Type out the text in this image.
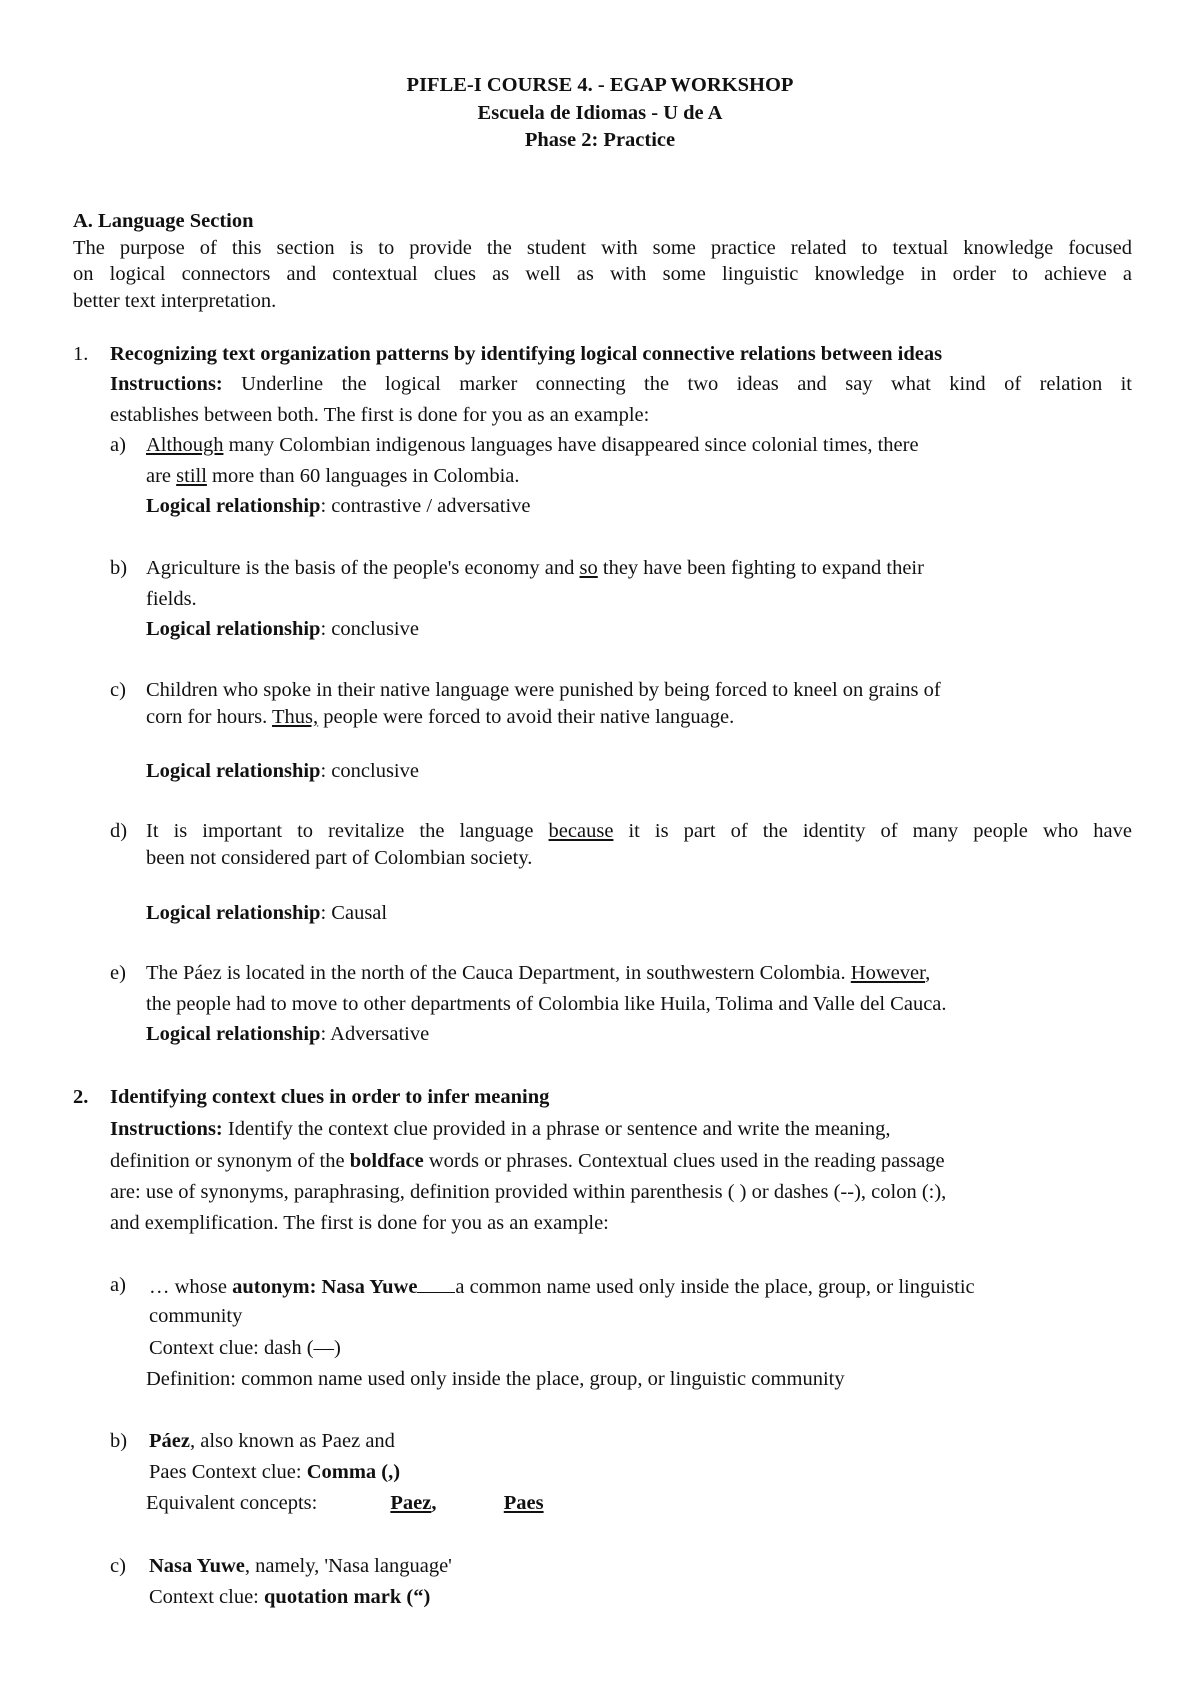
PIFLE-I COURSE 4. - EGAP WORKSHOP
Escuela de Idiomas - U de A
Phase 2: Practice
A. Language Section
The purpose of this section is to provide the student with some practice related to textual knowledge focused
on logical connectors and contextual clues as well as with some linguistic knowledge in order to achieve a
better text interpretation.
1. Recognizing text organization patterns by identifying logical connective relations between ideas
Instructions: Underline the logical marker connecting the two ideas and say what kind of relation it
establishes between both. The first is done for you as an example:
a) Although many Colombian indigenous languages have disappeared since colonial times, there
are still more than 60 languages in Colombia.
Logical relationship: contrastive / adversative
b) Agriculture is the basis of the people's economy and so they have been fighting to expand their
fields.
Logical relationship: conclusive
c) Children who spoke in their native language were punished by being forced to kneel on grains of
corn for hours. Thus, people were forced to avoid their native language.
Logical relationship: conclusive
d) It is important to revitalize the language because it is part of the identity of many people who have
been not considered part of Colombian society.
Logical relationship: Causal
e) The Páez is located in the north of the Cauca Department, in southwestern Colombia. However,
the people had to move to other departments of Colombia like Huila, Tolima and Valle del Cauca.
Logical relationship: Adversative
2. Identifying context clues in order to infer meaning
Instructions: Identify the context clue provided in a phrase or sentence and write the meaning,
definition or synonym of the boldface words or phrases. Contextual clues used in the reading passage
are: use of synonyms, paraphrasing, definition provided within parenthesis ( ) or dashes (--), colon (:),
and exemplification. The first is done for you as an example:
a) … whose autonym: Nasa Yuwe a common name used only inside the place, group, or linguistic
community
Context clue: dash (—)
Definition: common name used only inside the place, group, or linguistic community
b) Páez, also known as Paez and
Paes Context clue: Comma (,)
Equivalent concepts:	Paez,	Paes
c) Nasa Yuwe, namely, 'Nasa language'
Context clue: quotation mark (“)
